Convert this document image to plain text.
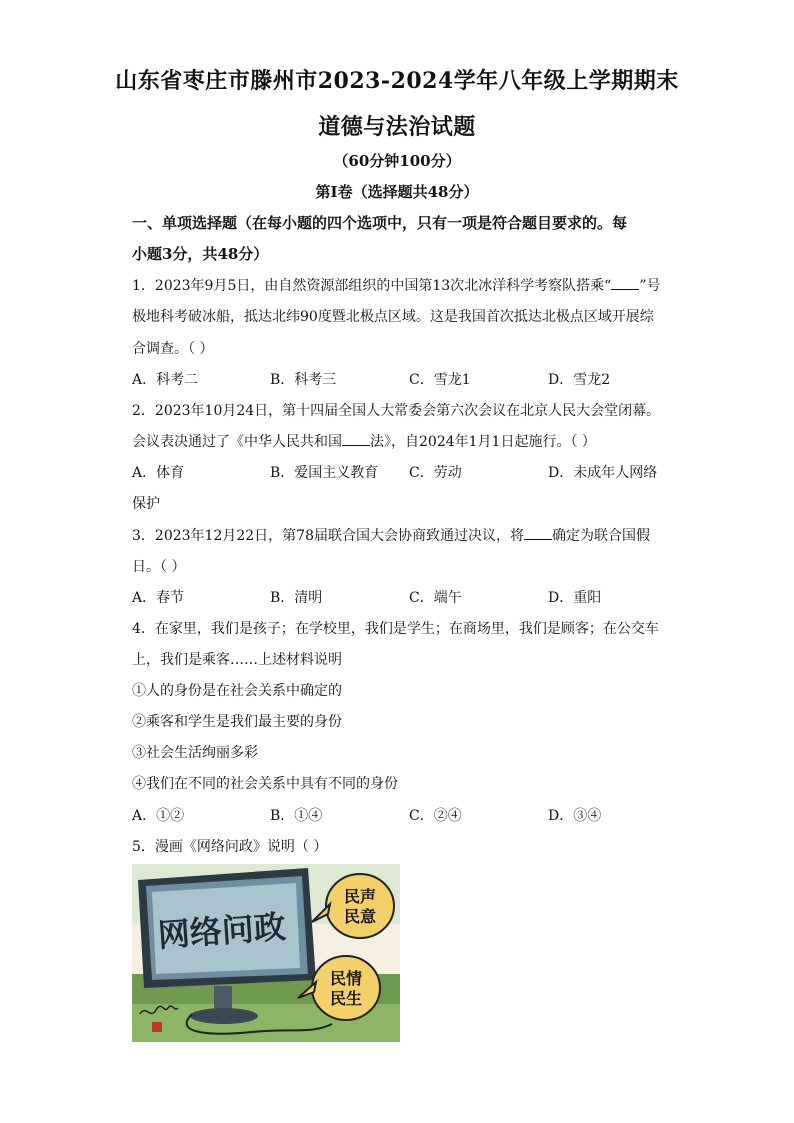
山东省枣庄市滕州市2023-2024学年八年级上学期期末
道德与法治试题
（60分钟100分）
第Ⅰ卷（选择题共48分）
一、单项选择题（在每小题的四个选项中，只有一项是符合题目要求的。每
小题3分，共48分）
1．2023年9月5日，由自然资源部组织的中国第13次北冰洋科学考察队搭乘“ ”号
极地科考破冰船，抵达北纬90度暨北极点区域。这是我国首次抵达北极点区域开展综
合调查。（ ）
A．科考二	B．科考三	C．雪龙1	D．雪龙2
2．2023年10月24日，第十四届全国人大常委会第六次会议在北京人民大会堂闭幕。
会议表决通过了《中华人民共和国 法》，自2024年1月1日起施行。（ ）
A．体育	B．爱国主义教育 C．劳动	D．未成年人网络
保护
3．2023年12月22日，第78届联合国大会协商致通过决议，将 确定为联合国假
日。（ ）
A．春节	B．清明	C．端午	D．重阳
4．在家里，我们是孩子；在学校里，我们是学生；在商场里，我们是顾客；在公交车
上，我们是乘客……上述材料说明
①人的身份是在社会关系中确定的
②乘客和学生是我们最主要的身份
③社会生活绚丽多彩
④我们在不同的社会关系中具有不同的身份
A．①②	B．①④	C．②④	D．③④
5．漫画《网络问政》说明（ ）
网络问政
民声
民意
民情
民生
